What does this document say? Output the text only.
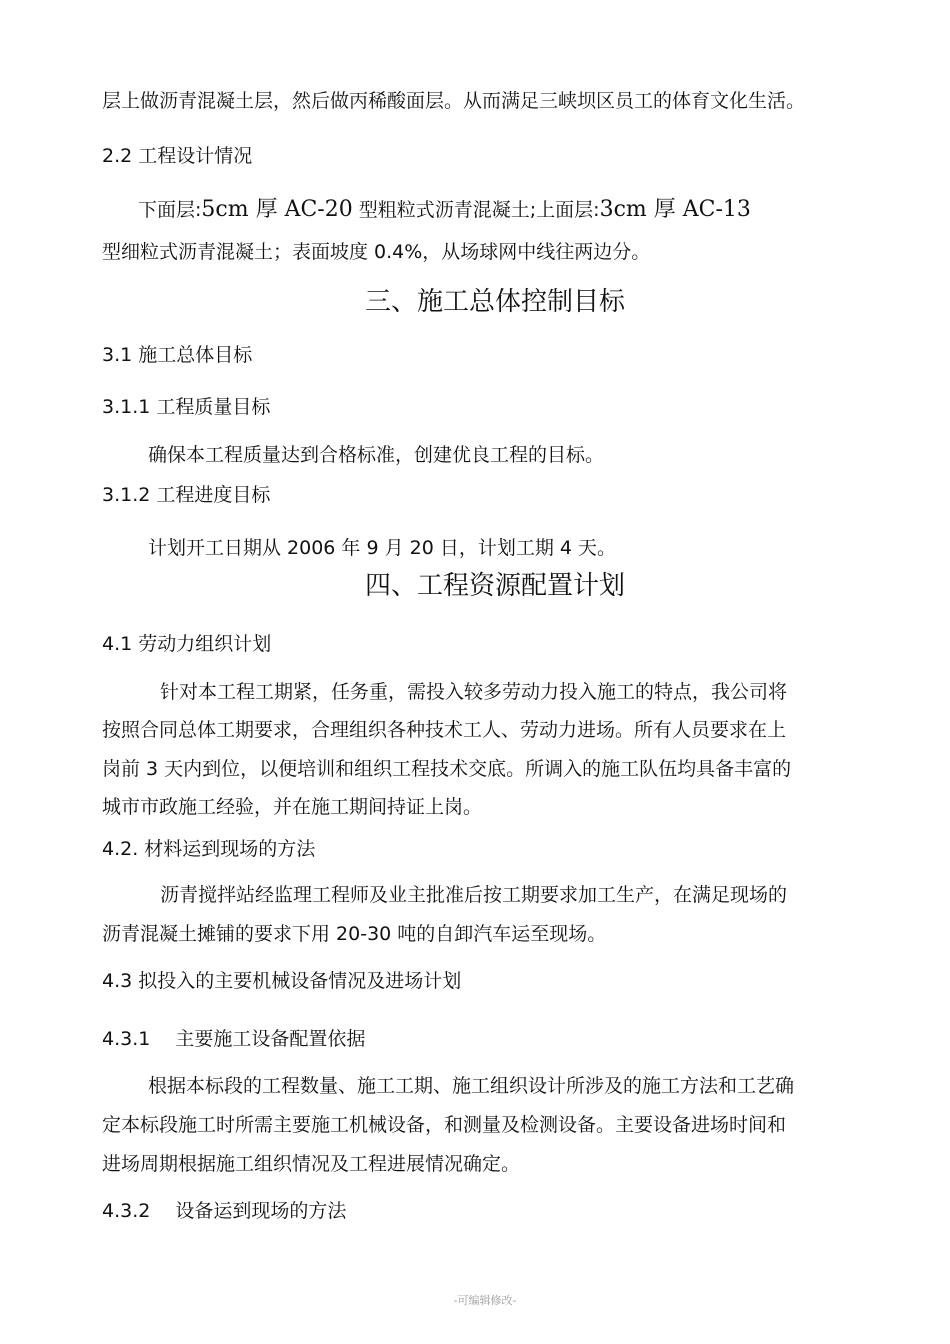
层上做沥青混凝土层，然后做丙稀酸面层。从而满足三峡坝区员工的体育文化生活。
2.2 工程设计情况
下面层:5cm 厚 AC-20 型粗粒式沥青混凝土;上面层:3cm 厚 AC-13
型细粒式沥青混凝土；表面坡度 0.4%，从场球网中线往两边分。
三、施工总体控制目标
3.1 施工总体目标
3.1.1 工程质量目标
确保本工程质量达到合格标准，创建优良工程的目标。
3.1.2 工程进度目标
计划开工日期从 2006 年 9 月 20 日，计划工期 4 天。
四、工程资源配置计划
4.1 劳动力组织计划
针对本工程工期紧，任务重，需投入较多劳动力投入施工的特点，我公司将
按照合同总体工期要求，合理组织各种技术工人、劳动力进场。所有人员要求在上
岗前 3 天内到位，以便培训和组织工程技术交底。所调入的施工队伍均具备丰富的
城市市政施工经验，并在施工期间持证上岗。
4.2. 材料运到现场的方法
沥青搅拌站经监理工程师及业主批准后按工期要求加工生产，在满足现场的
沥青混凝土摊铺的要求下用 20-30 吨的自卸汽车运至现场。
4.3 拟投入的主要机械设备情况及进场计划
4.3.1　 主要施工设备配置依据
根据本标段的工程数量、施工工期、施工组织设计所涉及的施工方法和工艺确
定本标段施工时所需主要施工机械设备，和测量及检测设备。主要设备进场时间和
进场周期根据施工组织情况及工程进展情况确定。
4.3.2　 设备运到现场的方法
-可编辑修改-
